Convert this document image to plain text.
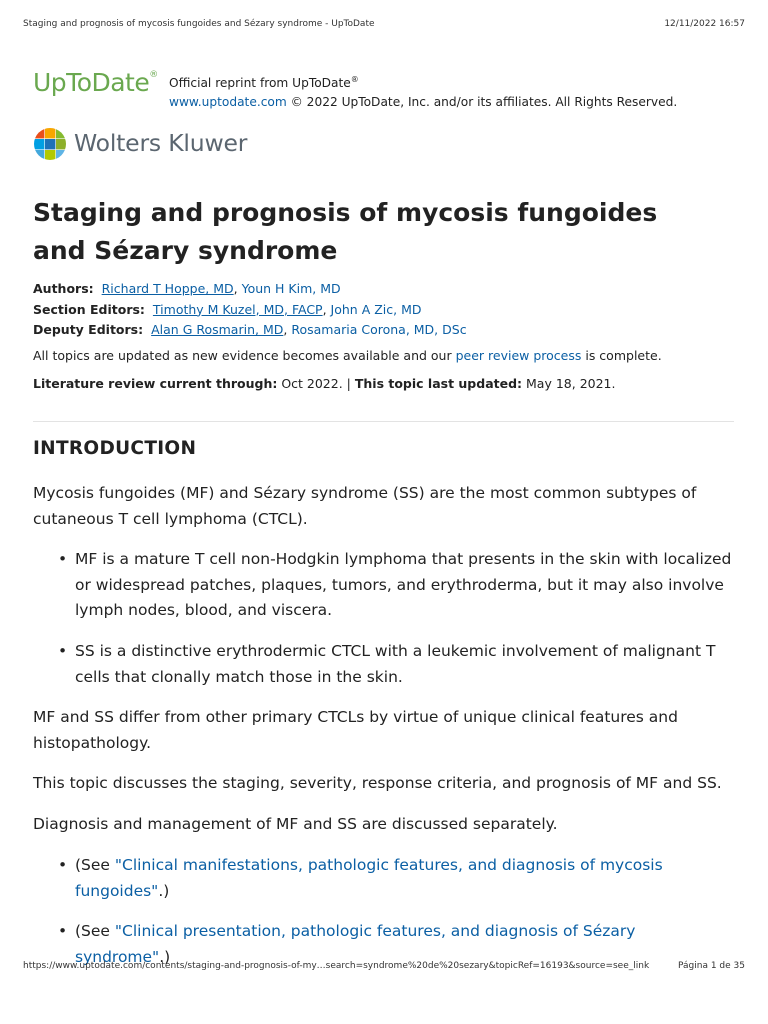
Staging and prognosis of mycosis fungoides and Sézary syndrome - UpToDate	12/11/2022 16:57
UpToDate®
Official reprint from UpToDate®
www.uptodate.com © 2022 UpToDate, Inc. and/or its affiliates. All Rights Reserved.
Wolters Kluwer
Staging and prognosis of mycosis fungoides and Sézary syndrome
Authors: Richard T Hoppe, MD, Youn H Kim, MD
Section Editors: Timothy M Kuzel, MD, FACP, John A Zic, MD
Deputy Editors: Alan G Rosmarin, MD, Rosamaria Corona, MD, DSc
All topics are updated as new evidence becomes available and our peer review process is complete.
Literature review current through: Oct 2022. | This topic last updated: May 18, 2021.
INTRODUCTION

Mycosis fungoides (MF) and Sézary syndrome (SS) are the most common subtypes of cutaneous T cell lymphoma (CTCL).

• MF is a mature T cell non-Hodgkin lymphoma that presents in the skin with localized or widespread patches, plaques, tumors, and erythroderma, but it may also involve lymph nodes, blood, and viscera.

• SS is a distinctive erythrodermic CTCL with a leukemic involvement of malignant T cells that clonally match those in the skin.

MF and SS differ from other primary CTCLs by virtue of unique clinical features and histopathology.

This topic discusses the staging, severity, response criteria, and prognosis of MF and SS.

Diagnosis and management of MF and SS are discussed separately.

• (See "Clinical manifestations, pathologic features, and diagnosis of mycosis fungoides".)

• (See "Clinical presentation, pathologic features, and diagnosis of Sézary syndrome".)

https://www.uptodate.com/contents/staging-and-prognosis-of-my…search=syndrome%20de%20sezary&topicRef=16193&source=see_link	Página 1 de 35
